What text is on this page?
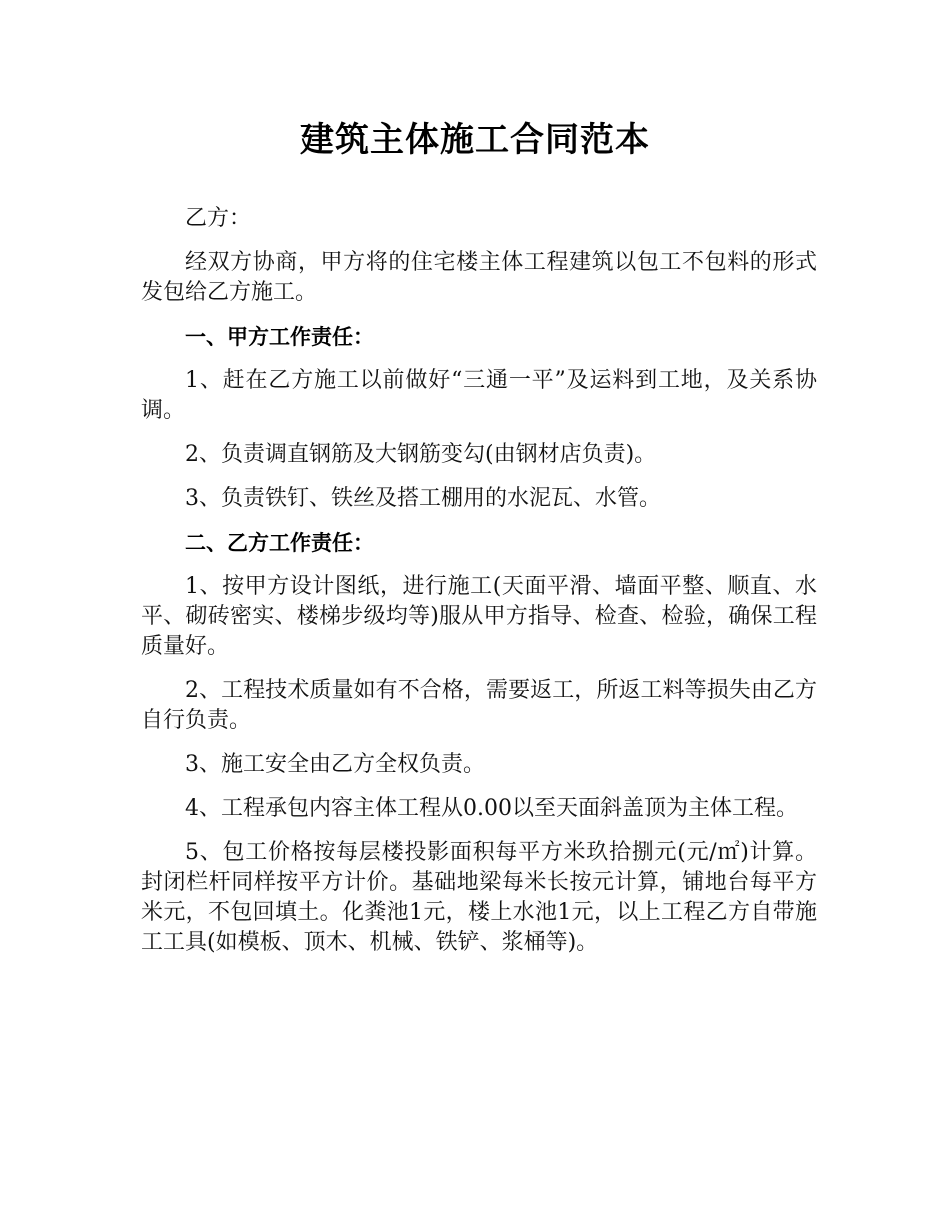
建筑主体施工合同范本

乙方：

经双方协商，甲方将的住宅楼主体工程建筑以包工不包料的形式发包给乙方施工。

一、甲方工作责任：

1、赶在乙方施工以前做好“三通一平”及运料到工地，及关系协调。

2、负责调直钢筋及大钢筋变勾(由钢材店负责)。

3、负责铁钉、铁丝及搭工棚用的水泥瓦、水管。

二、乙方工作责任：

1、按甲方设计图纸，进行施工(天面平滑、墙面平整、顺直、水平、砌砖密实、楼梯步级均等)服从甲方指导、检查、检验，确保工程质量好。

2、工程技术质量如有不合格，需要返工，所返工料等损失由乙方自行负责。

3、施工安全由乙方全权负责。

4、工程承包内容主体工程从0.00以至天面斜盖顶为主体工程。

5、包工价格按每层楼投影面积每平方米玖拾捌元(元/㎡)计算。封闭栏杆同样按平方计价。基础地梁每米长按元计算，铺地台每平方米元，不包回填土。化粪池1元，楼上水池1元，以上工程乙方自带施工工具(如模板、顶木、机械、铁铲、浆桶等)。
